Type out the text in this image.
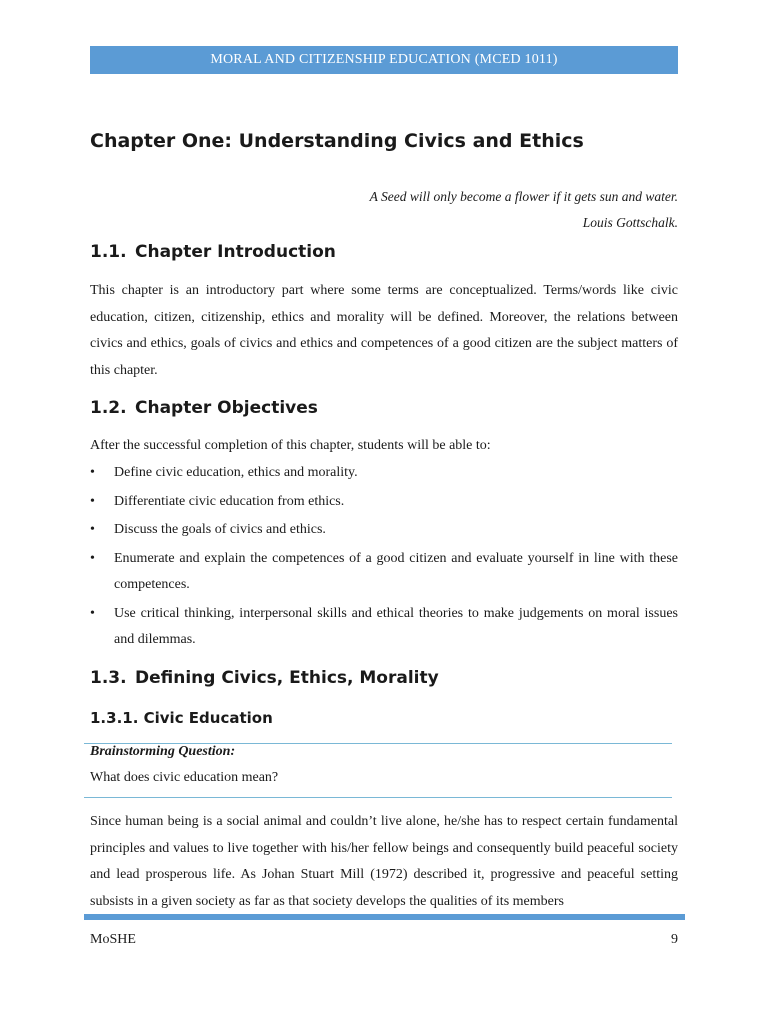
MORAL AND CITIZENSHIP EDUCATION (MCED 1011)
Chapter One: Understanding Civics and Ethics
A Seed will only become a flower if it gets sun and water.
Louis Gottschalk.
1.1. Chapter Introduction

This chapter is an introductory part where some terms are conceptualized. Terms/words like civic education, citizen, citizenship, ethics and morality will be defined. Moreover, the relations between civics and ethics, goals of civics and ethics and competences of a good citizen are the subject matters of this chapter.

1.2. Chapter Objectives

After the successful completion of this chapter, students will be able to:

• Define civic education, ethics and morality.
• Differentiate civic education from ethics.
• Discuss the goals of civics and ethics.
• Enumerate and explain the competences of a good citizen and evaluate yourself in line with these competences.
• Use critical thinking, interpersonal skills and ethical theories to make judgements on moral issues and dilemmas.
1.3. Defining Civics, Ethics, Morality
1.3.1. Civic Education

Brainstorming Question:

What does civic education mean?

Since human being is a social animal and couldn’t live alone, he/she has to respect certain fundamental principles and values to live together with his/her fellow beings and consequently build peaceful society and lead prosperous life. As Johan Stuart Mill (1972) described it, progressive and peaceful setting subsists in a given society as far as that society develops the qualities of its members

MoSHE	9
